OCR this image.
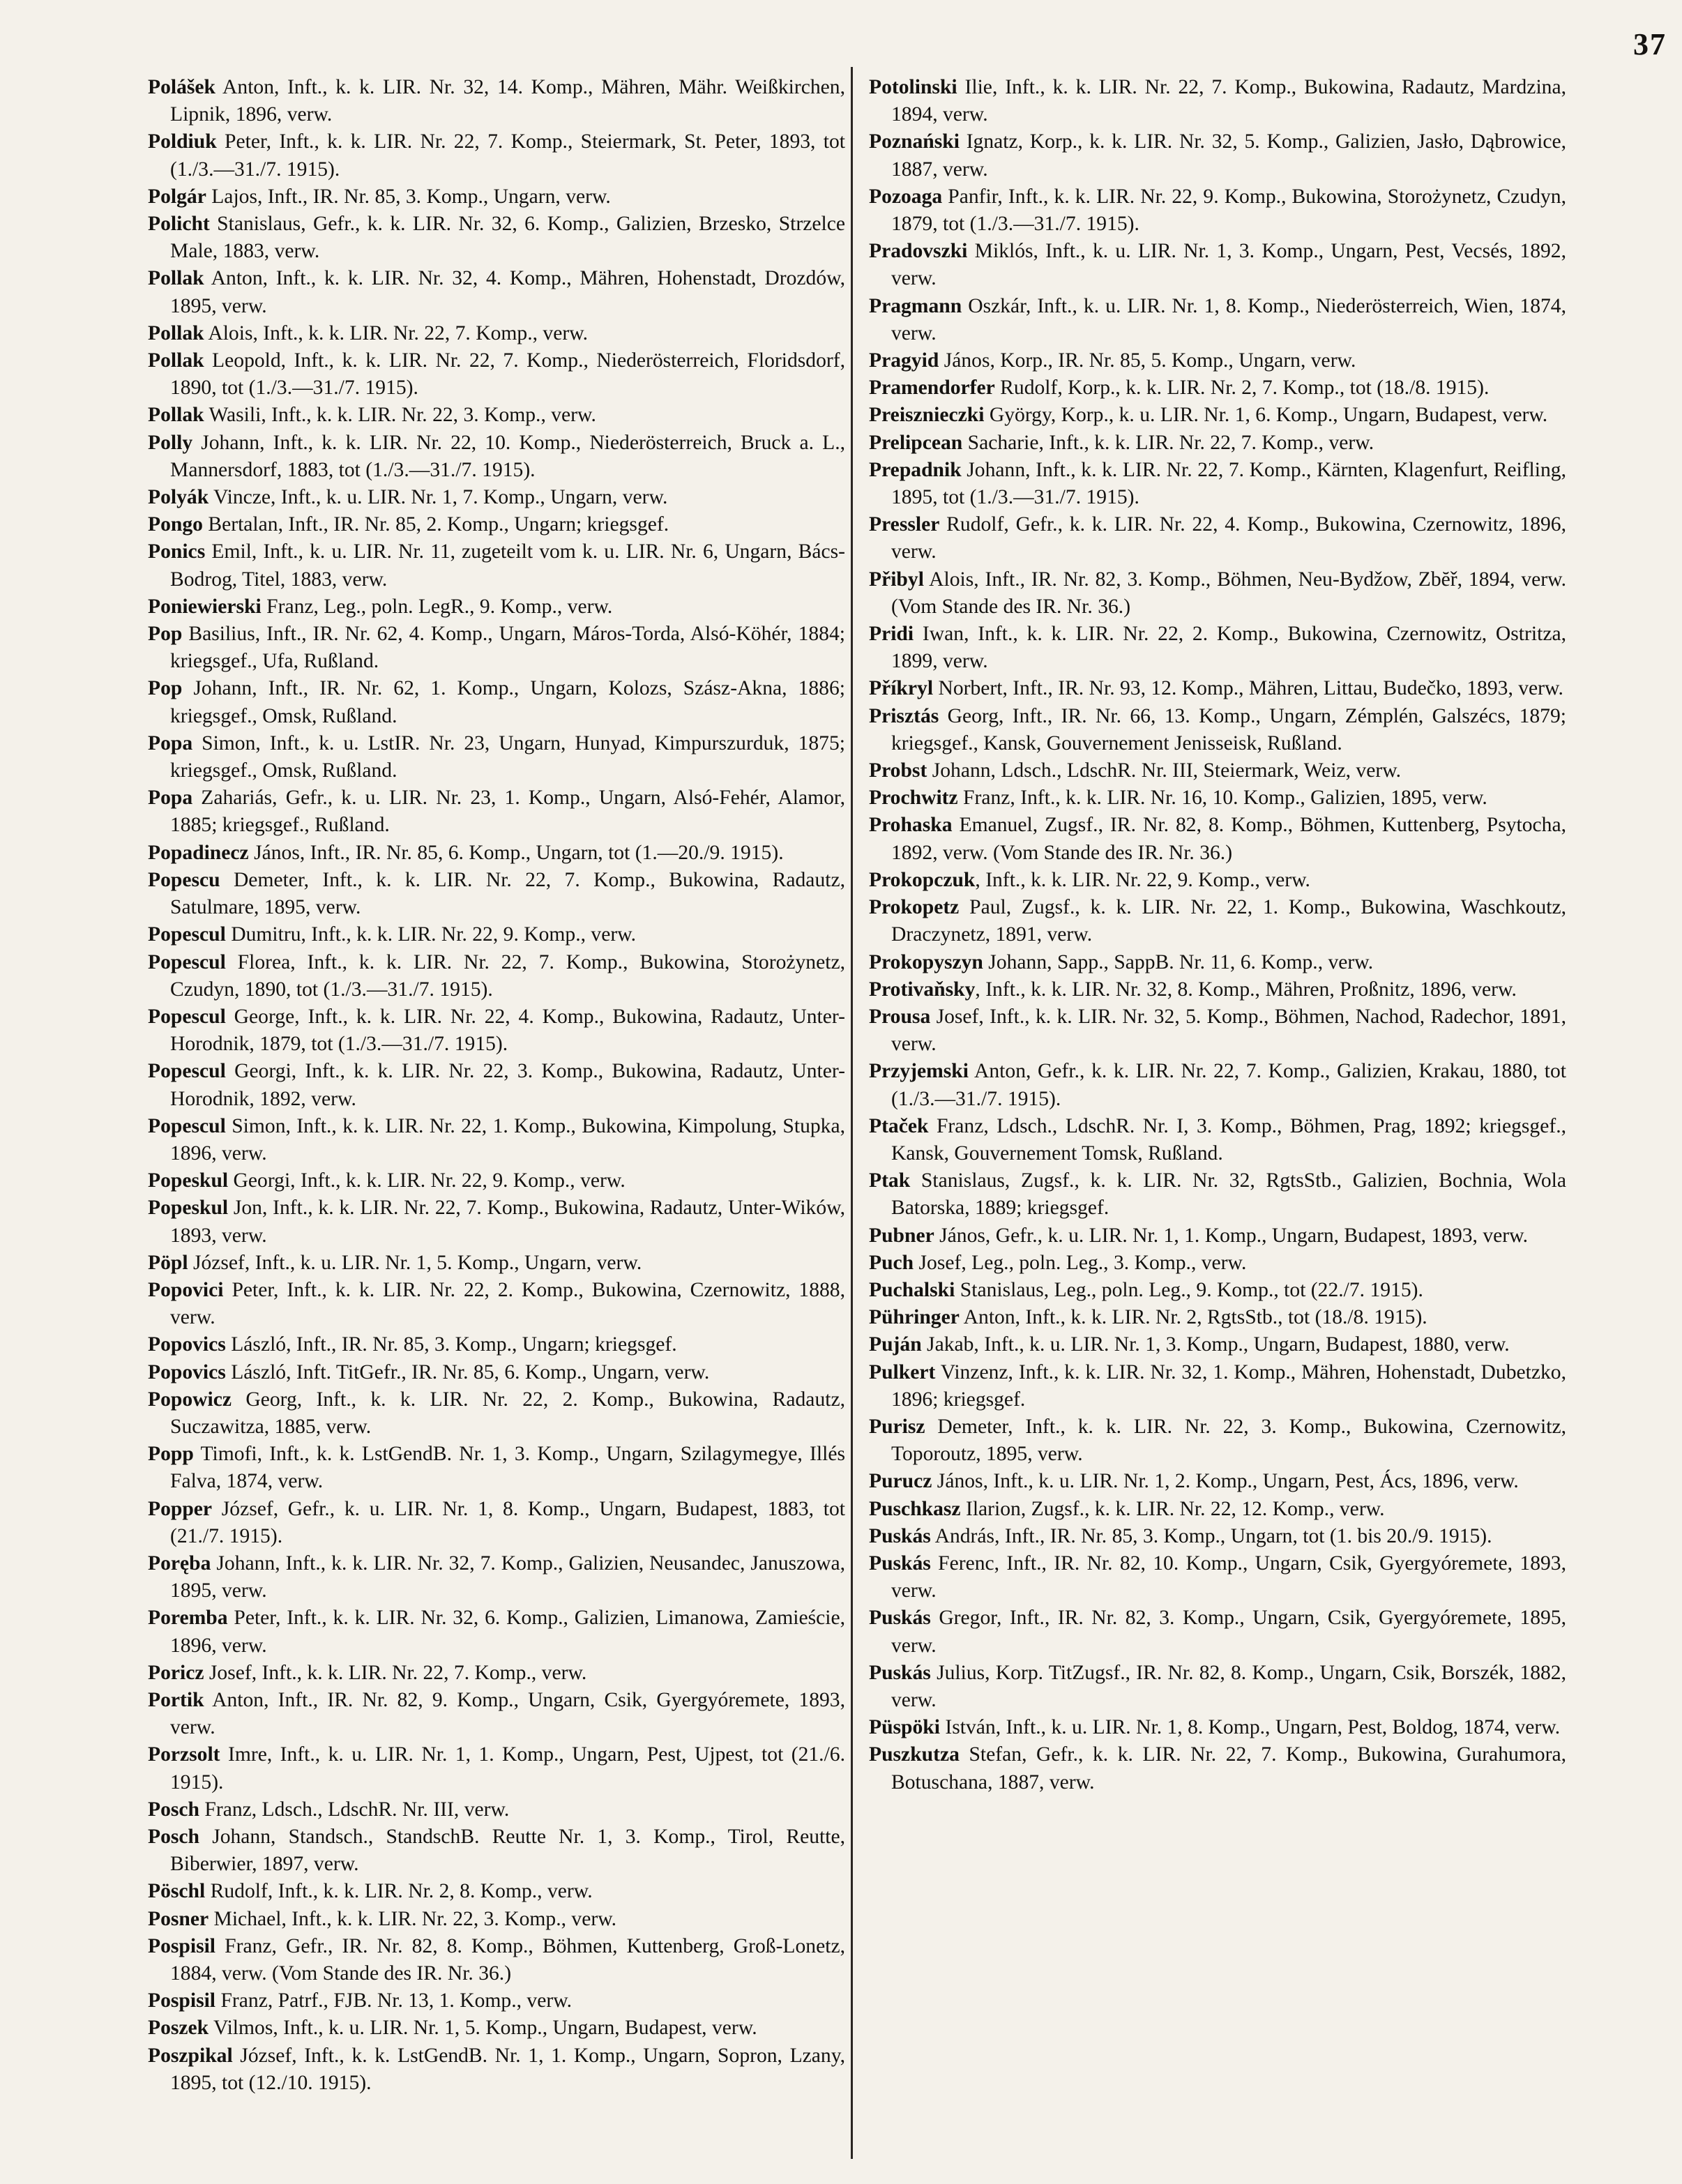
37

Polášek Anton, Inft., k. k. LIR. Nr. 32, 14. Komp., Mähren, Mähr. Weißkirchen, Lipnik, 1896, verw.

Poldiuk Peter, Inft., k. k. LIR. Nr. 22, 7. Komp., Steiermark, St. Peter, 1893, tot (1./3.—31./7. 1915).

Polgár Lajos, Inft., IR. Nr. 85, 3. Komp., Ungarn, verw.

Policht Stanislaus, Gefr., k. k. LIR. Nr. 32, 6. Komp., Galizien, Brzesko, Strzelce Male, 1883, verw.

Pollak Anton, Inft., k. k. LIR. Nr. 32, 4. Komp., Mähren, Hohenstadt, Drozdów, 1895, verw.

Pollak Alois, Inft., k. k. LIR. Nr. 22, 7. Komp., verw.

Pollak Leopold, Inft., k. k. LIR. Nr. 22, 7. Komp., Niederösterreich, Floridsdorf, 1890, tot (1./3.—31./7. 1915).

Pollak Wasili, Inft., k. k. LIR. Nr. 22, 3. Komp., verw.

Polly Johann, Inft., k. k. LIR. Nr. 22, 10. Komp., Niederösterreich, Bruck a. L., Mannersdorf, 1883, tot (1./3.—31./7. 1915).

Polyák Vincze, Inft., k. u. LIR. Nr. 1, 7. Komp., Ungarn, verw.

Pongo Bertalan, Inft., IR. Nr. 85, 2. Komp., Ungarn; kriegsgef.

Ponics Emil, Inft., k. u. LIR. Nr. 11, zugeteilt vom k. u. LIR. Nr. 6, Ungarn, Bács-Bodrog, Titel, 1883, verw.

Poniewierski Franz, Leg., poln. LegR., 9. Komp., verw.

Pop Basilius, Inft., IR. Nr. 62, 4. Komp., Ungarn, Máros-Torda, Alsó-Köhér, 1884; kriegsgef., Ufa, Rußland.

Pop Johann, Inft., IR. Nr. 62, 1. Komp., Ungarn, Kolozs, Szász-Akna, 1886; kriegsgef., Omsk, Rußland.

Popa Simon, Inft., k. u. LstIR. Nr. 23, Ungarn, Hunyad, Kimpurszurduk, 1875; kriegsgef., Omsk, Rußland.

Popa Zahariás, Gefr., k. u. LIR. Nr. 23, 1. Komp., Ungarn, Alsó-Fehér, Alamor, 1885; kriegsgef., Rußland.

Popadinecz János, Inft., IR. Nr. 85, 6. Komp., Ungarn, tot (1.—20./9. 1915).

Popescu Demeter, Inft., k. k. LIR. Nr. 22, 7. Komp., Bukowina, Radautz, Satulmare, 1895, verw.

Popescul Dumitru, Inft., k. k. LIR. Nr. 22, 9. Komp., verw.

Popescul Florea, Inft., k. k. LIR. Nr. 22, 7. Komp., Bukowina, Storożynetz, Czudyn, 1890, tot (1./3.—31./7. 1915).

Popescul George, Inft., k. k. LIR. Nr. 22, 4. Komp., Bukowina, Radautz, Unter-Horodnik, 1879, tot (1./3.—31./7. 1915).

Popescul Georgi, Inft., k. k. LIR. Nr. 22, 3. Komp., Bukowina, Radautz, Unter-Horodnik, 1892, verw.

Popescul Simon, Inft., k. k. LIR. Nr. 22, 1. Komp., Bukowina, Kimpolung, Stupka, 1896, verw.

Popeskul Georgi, Inft., k. k. LIR. Nr. 22, 9. Komp., verw.

Popeskul Jon, Inft., k. k. LIR. Nr. 22, 7. Komp., Bukowina, Radautz, Unter-Wików, 1893, verw.

Pöpl József, Inft., k. u. LIR. Nr. 1, 5. Komp., Ungarn, verw.

Popovici Peter, Inft., k. k. LIR. Nr. 22, 2. Komp., Bukowina, Czernowitz, 1888, verw.

Popovics László, Inft., IR. Nr. 85, 3. Komp., Ungarn; kriegsgef.

Popovics László, Inft. TitGefr., IR. Nr. 85, 6. Komp., Ungarn, verw.

Popowicz Georg, Inft., k. k. LIR. Nr. 22, 2. Komp., Bukowina, Radautz, Suczawitza, 1885, verw.

Popp Timofi, Inft., k. k. LstGendB. Nr. 1, 3. Komp., Ungarn, Szilagymegye, Illés Falva, 1874, verw.

Popper József, Gefr., k. u. LIR. Nr. 1, 8. Komp., Ungarn, Budapest, 1883, tot (21./7. 1915).

Poręba Johann, Inft., k. k. LIR. Nr. 32, 7. Komp., Galizien, Neusandec, Januszowa, 1895, verw.

Poremba Peter, Inft., k. k. LIR. Nr. 32, 6. Komp., Galizien, Limanowa, Zamieście, 1896, verw.

Poricz Josef, Inft., k. k. LIR. Nr. 22, 7. Komp., verw.

Portik Anton, Inft., IR. Nr. 82, 9. Komp., Ungarn, Csik, Gyergyóremete, 1893, verw.

Porzsolt Imre, Inft., k. u. LIR. Nr. 1, 1. Komp., Ungarn, Pest, Ujpest, tot (21./6. 1915).

Posch Franz, Ldsch., LdschR. Nr. III, verw.

Posch Johann, Standsch., StandschB. Reutte Nr. 1, 3. Komp., Tirol, Reutte, Biberwier, 1897, verw.

Pöschl Rudolf, Inft., k. k. LIR. Nr. 2, 8. Komp., verw.

Posner Michael, Inft., k. k. LIR. Nr. 22, 3. Komp., verw.

Pospisil Franz, Gefr., IR. Nr. 82, 8. Komp., Böhmen, Kuttenberg, Groß-Lonetz, 1884, verw. (Vom Stande des IR. Nr. 36.)

Pospisil Franz, Patrf., FJB. Nr. 13, 1. Komp., verw.

Poszek Vilmos, Inft., k. u. LIR. Nr. 1, 5. Komp., Ungarn, Budapest, verw.

Poszpikal József, Inft., k. k. LstGendB. Nr. 1, 1. Komp., Ungarn, Sopron, Lzany, 1895, tot (12./10. 1915).

Potolinski Ilie, Inft., k. k. LIR. Nr. 22, 7. Komp., Bukowina, Radautz, Mardzina, 1894, verw.

Poznański Ignatz, Korp., k. k. LIR. Nr. 32, 5. Komp., Galizien, Jasło, Dąbrowice, 1887, verw.

Pozoaga Panfir, Inft., k. k. LIR. Nr. 22, 9. Komp., Bukowina, Storożynetz, Czudyn, 1879, tot (1./3.—31./7. 1915).

Pradovszki Miklós, Inft., k. u. LIR. Nr. 1, 3. Komp., Ungarn, Pest, Vecsés, 1892, verw.

Pragmann Oszkár, Inft., k. u. LIR. Nr. 1, 8. Komp., Niederösterreich, Wien, 1874, verw.

Pragyid János, Korp., IR. Nr. 85, 5. Komp., Ungarn, verw.

Pramendorfer Rudolf, Korp., k. k. LIR. Nr. 2, 7. Komp., tot (18./8. 1915).

Preisznieczki György, Korp., k. u. LIR. Nr. 1, 6. Komp., Ungarn, Budapest, verw.

Prelipcean Sacharie, Inft., k. k. LIR. Nr. 22, 7. Komp., verw.

Prepadnik Johann, Inft., k. k. LIR. Nr. 22, 7. Komp., Kärnten, Klagenfurt, Reifling, 1895, tot (1./3.—31./7. 1915).

Pressler Rudolf, Gefr., k. k. LIR. Nr. 22, 4. Komp., Bukowina, Czernowitz, 1896, verw.

Přibyl Alois, Inft., IR. Nr. 82, 3. Komp., Böhmen, Neu-Bydžow, Zbĕř, 1894, verw. (Vom Stande des IR. Nr. 36.)

Pridi Iwan, Inft., k. k. LIR. Nr. 22, 2. Komp., Bukowina, Czernowitz, Ostritza, 1899, verw.

Příkryl Norbert, Inft., IR. Nr. 93, 12. Komp., Mähren, Littau, Budečko, 1893, verw.

Prisztás Georg, Inft., IR. Nr. 66, 13. Komp., Ungarn, Zémplén, Galszécs, 1879; kriegsgef., Kansk, Gouvernement Jenisseisk, Rußland.

Probst Johann, Ldsch., LdschR. Nr. III, Steiermark, Weiz, verw.

Prochwitz Franz, Inft., k. k. LIR. Nr. 16, 10. Komp., Galizien, 1895, verw.

Prohaska Emanuel, Zugsf., IR. Nr. 82, 8. Komp., Böhmen, Kuttenberg, Psytocha, 1892, verw. (Vom Stande des IR. Nr. 36.)

Prokopczuk, Inft., k. k. LIR. Nr. 22, 9. Komp., verw.

Prokopetz Paul, Zugsf., k. k. LIR. Nr. 22, 1. Komp., Bukowina, Waschkoutz, Draczynetz, 1891, verw.

Prokopyszyn Johann, Sapp., SappB. Nr. 11, 6. Komp., verw.

Protivaňsky, Inft., k. k. LIR. Nr. 32, 8. Komp., Mähren, Proßnitz, 1896, verw.

Prousa Josef, Inft., k. k. LIR. Nr. 32, 5. Komp., Böhmen, Nachod, Radechor, 1891, verw.

Przyjemski Anton, Gefr., k. k. LIR. Nr. 22, 7. Komp., Galizien, Krakau, 1880, tot (1./3.—31./7. 1915).

Ptaček Franz, Ldsch., LdschR. Nr. I, 3. Komp., Böhmen, Prag, 1892; kriegsgef., Kansk, Gouvernement Tomsk, Rußland.

Ptak Stanislaus, Zugsf., k. k. LIR. Nr. 32, RgtsStb., Galizien, Bochnia, Wola Batorska, 1889; kriegsgef.

Pubner János, Gefr., k. u. LIR. Nr. 1, 1. Komp., Ungarn, Budapest, 1893, verw.

Puch Josef, Leg., poln. Leg., 3. Komp., verw.

Puchalski Stanislaus, Leg., poln. Leg., 9. Komp., tot (22./7. 1915).

Pühringer Anton, Inft., k. k. LIR. Nr. 2, RgtsStb., tot (18./8. 1915).

Puján Jakab, Inft., k. u. LIR. Nr. 1, 3. Komp., Ungarn, Budapest, 1880, verw.

Pulkert Vinzenz, Inft., k. k. LIR. Nr. 32, 1. Komp., Mähren, Hohenstadt, Dubetzko, 1896; kriegsgef.

Purisz Demeter, Inft., k. k. LIR. Nr. 22, 3. Komp., Bukowina, Czernowitz, Toporoutz, 1895, verw.

Purucz János, Inft., k. u. LIR. Nr. 1, 2. Komp., Ungarn, Pest, Ács, 1896, verw.

Puschkasz Ilarion, Zugsf., k. k. LIR. Nr. 22, 12. Komp., verw.

Puskás András, Inft., IR. Nr. 85, 3. Komp., Ungarn, tot (1. bis 20./9. 1915).

Puskás Ferenc, Inft., IR. Nr. 82, 10. Komp., Ungarn, Csik, Gyergyóremete, 1893, verw.

Puskás Gregor, Inft., IR. Nr. 82, 3. Komp., Ungarn, Csik, Gyergyóremete, 1895, verw.

Puskás Julius, Korp. TitZugsf., IR. Nr. 82, 8. Komp., Ungarn, Csik, Borszék, 1882, verw.

Püspöki István, Inft., k. u. LIR. Nr. 1, 8. Komp., Ungarn, Pest, Boldog, 1874, verw.

Puszkutza Stefan, Gefr., k. k. LIR. Nr. 22, 7. Komp., Bukowina, Gurahumora, Botuschana, 1887, verw.
